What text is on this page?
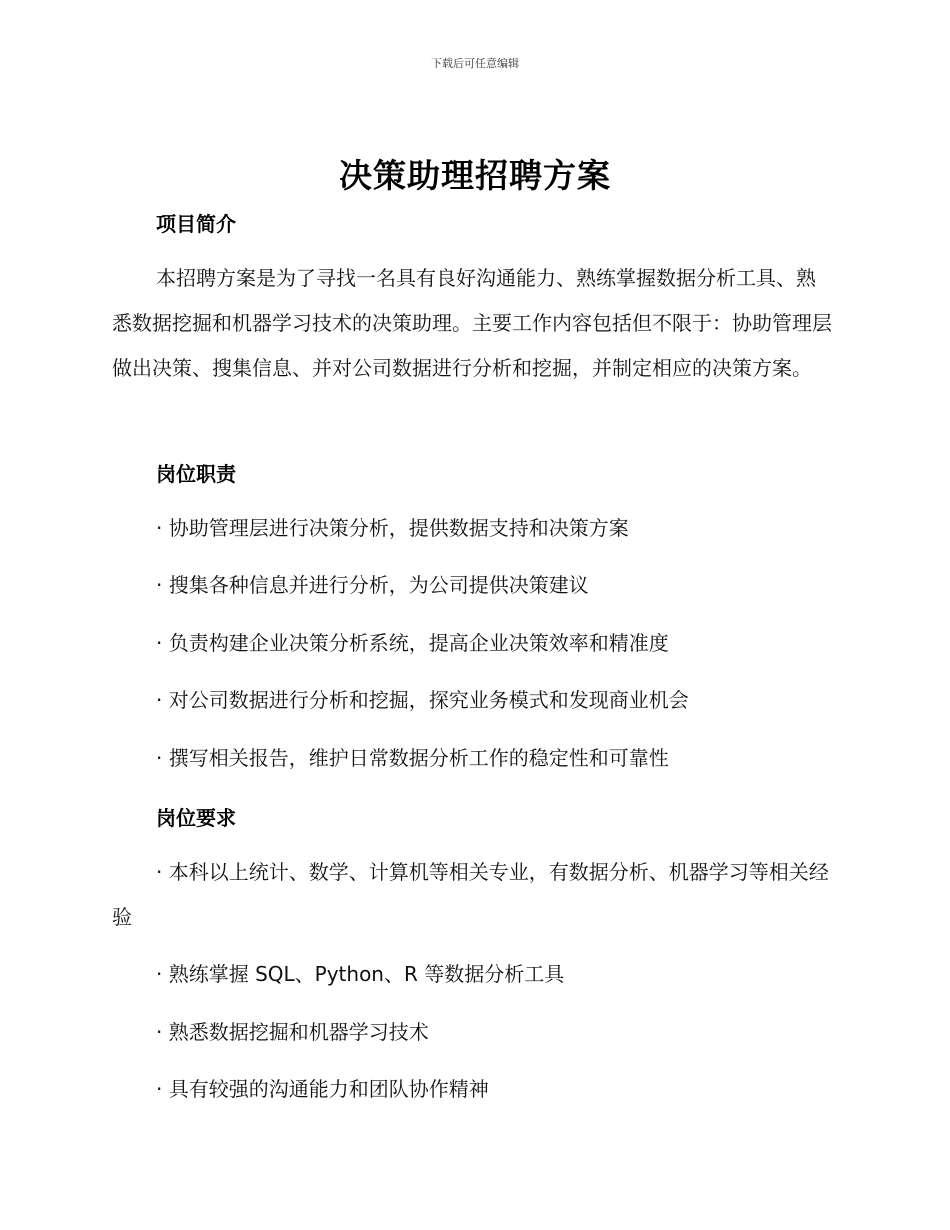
下载后可任意编辑
决策助理招聘方案
项目简介
本招聘方案是为了寻找一名具有良好沟通能力、熟练掌握数据分析工具、熟悉数据挖掘和机器学习技术的决策助理。主要工作内容包括但不限于：协助管理层做出决策、搜集信息、并对公司数据进行分析和挖掘，并制定相应的决策方案。
岗位职责
· 协助管理层进行决策分析，提供数据支持和决策方案
· 搜集各种信息并进行分析，为公司提供决策建议
· 负责构建企业决策分析系统，提高企业决策效率和精准度
· 对公司数据进行分析和挖掘，探究业务模式和发现商业机会
· 撰写相关报告，维护日常数据分析工作的稳定性和可靠性
岗位要求
· 本科以上统计、数学、计算机等相关专业，有数据分析、机器学习等相关经验
· 熟练掌握 SQL、Python、R 等数据分析工具
· 熟悉数据挖掘和机器学习技术
· 具有较强的沟通能力和团队协作精神
